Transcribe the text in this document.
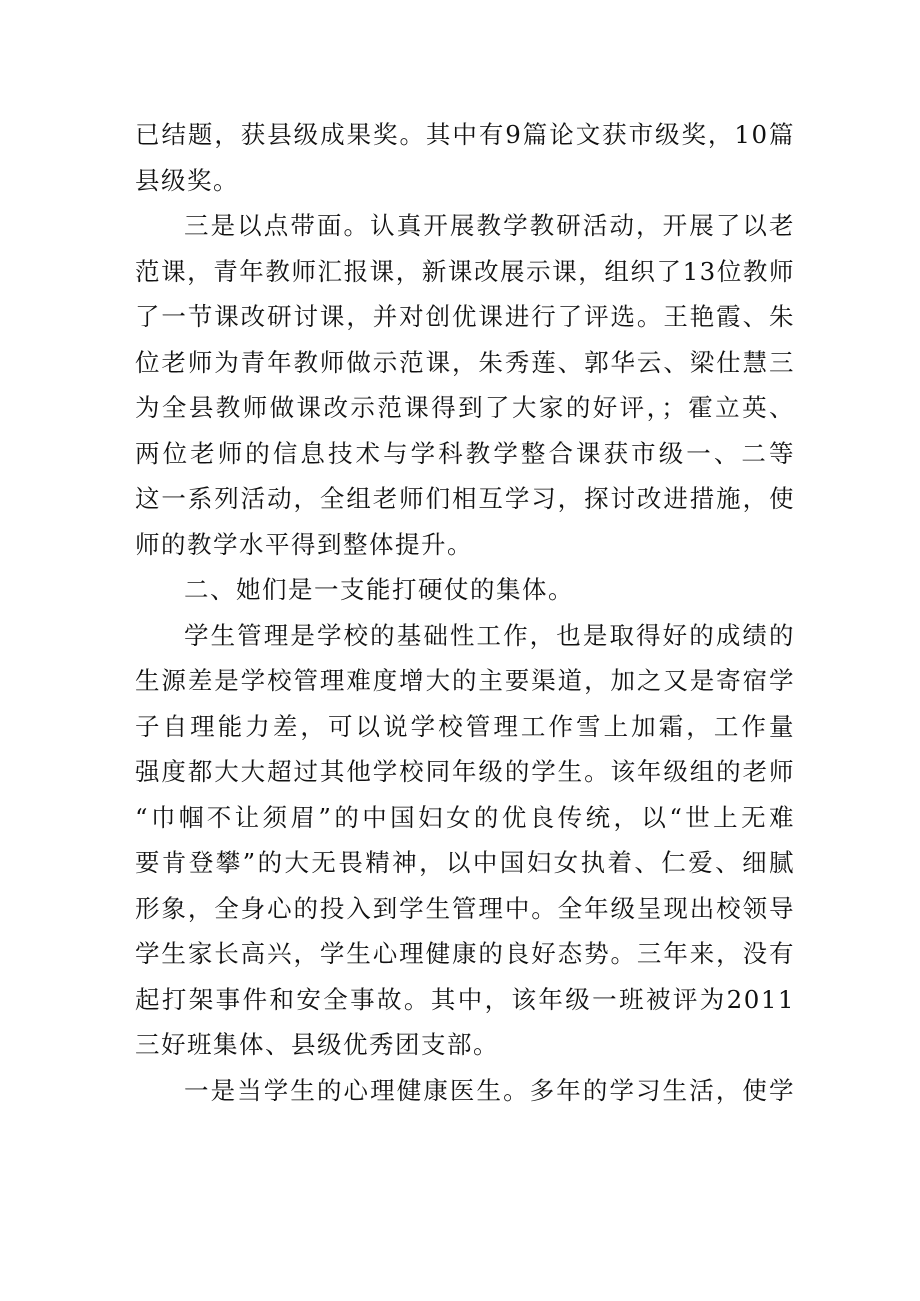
已结题，获县级成果奖。其中有9篇论文获市级奖，10篇
县级奖。
三是以点带面。认真开展教学教研活动，开展了以老
范课，青年教师汇报课，新课改展示课，组织了13位教师
了一节课改研讨课，并对创优课进行了评选。王艳霞、朱
位老师为青年教师做示范课，朱秀莲、郭华云、梁仕慧三
为全县教师做课改示范课得到了大家的好评，；霍立英、
两位老师的信息技术与学科教学整合课获市级一、二等
这一系列活动，全组老师们相互学习，探讨改进措施，使
师的教学水平得到整体提升。
二、她们是一支能打硬仗的集体。
学生管理是学校的基础性工作，也是取得好的成绩的
生源差是学校管理难度增大的主要渠道，加之又是寄宿学
子自理能力差，可以说学校管理工作雪上加霜，工作量
强度都大大超过其他学校同年级的学生。该年级组的老师
“巾帼不让须眉”的中国妇女的优良传统，以“世上无难
要肯登攀”的大无畏精神，以中国妇女执着、仁爱、细腻
形象，全身心的投入到学生管理中。全年级呈现出校领导
学生家长高兴，学生心理健康的良好态势。三年来，没有
起打架事件和安全事故。其中，该年级一班被评为2011
三好班集体、县级优秀团支部。
一是当学生的心理健康医生。多年的学习生活，使学
